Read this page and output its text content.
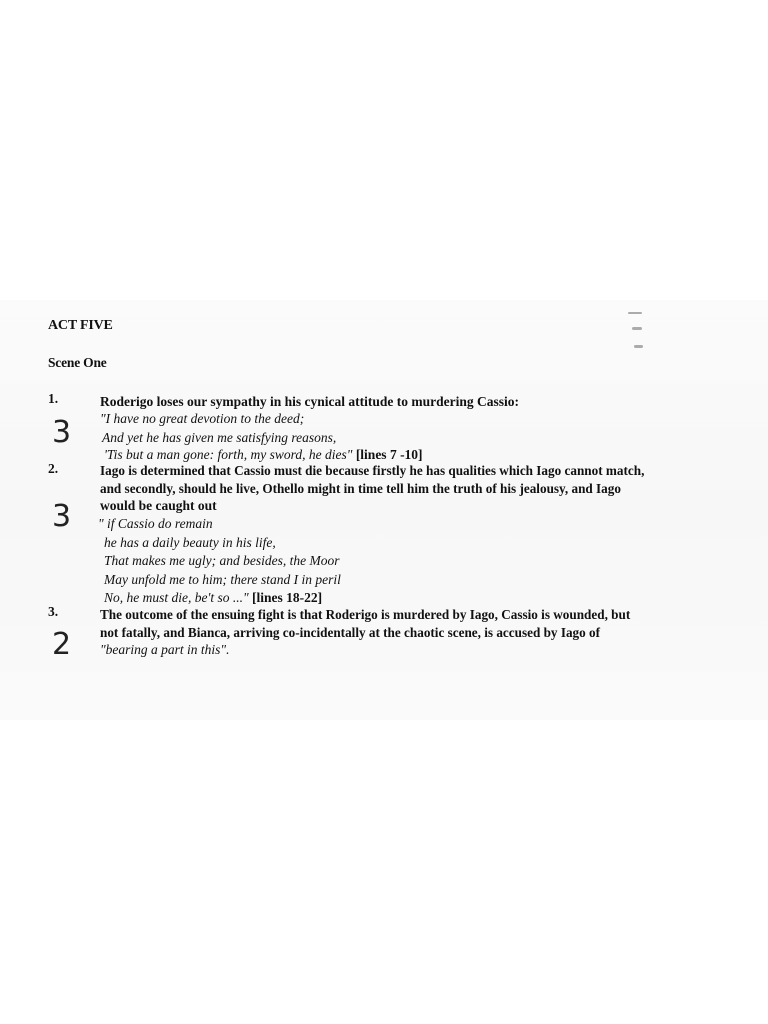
ACT FIVE
Scene One
1.
3
Roderigo loses our sympathy in his cynical attitude to murdering Cassio:
"I have no great devotion to the deed;
And yet he has given me satisfying reasons,
'Tis but a man gone: forth, my sword, he dies" [lines 7 -10]
2.
3
Iago is determined that Cassio must die because firstly he has qualities which Iago cannot match,
and secondly, should he live, Othello might in time tell him the truth of his jealousy, and Iago
would be caught out
" if Cassio do remain
he has a daily beauty in his life,
That makes me ugly; and besides, the Moor
May unfold me to him; there stand I in peril
No, he must die, be't so ..." [lines 18-22]
3.
2
The outcome of the ensuing fight is that Roderigo is murdered by Iago, Cassio is wounded, but
not fatally, and Bianca, arriving co-incidentally at the chaotic scene, is accused by Iago of
"bearing a part in this".
